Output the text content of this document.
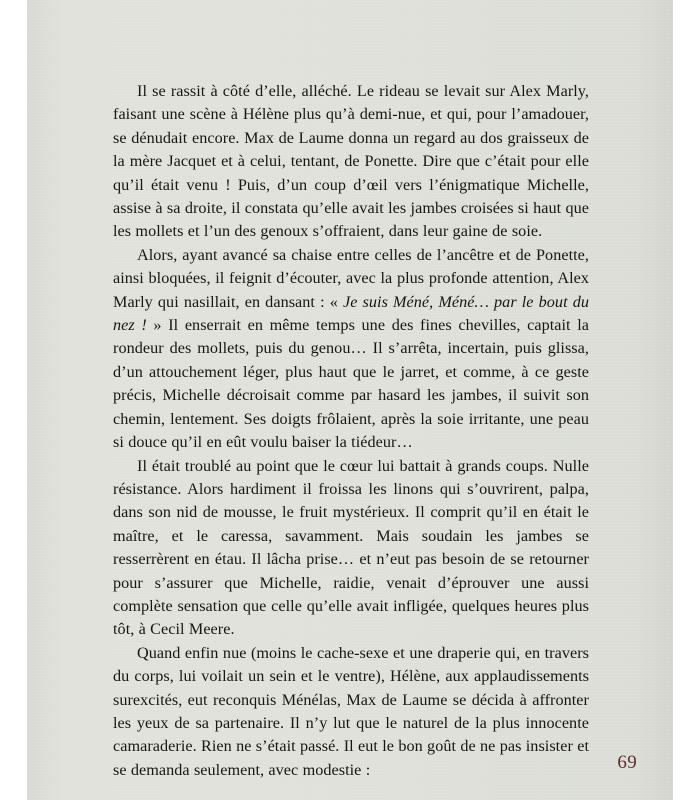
Il se rassit à côté d’elle, alléché. Le rideau se levait sur Alex Marly, faisant une scène à Hélène plus qu’à demi-nue, et qui, pour l’amadouer, se dénudait encore. Max de Laume donna un regard au dos graisseux de la mère Jacquet et à celui, tentant, de Ponette. Dire que c’était pour elle qu’il était venu ! Puis, d’un coup d’œil vers l’énigmatique Michelle, assise à sa droite, il constata qu’elle avait les jambes croisées si haut que les mollets et l’un des genoux s’offraient, dans leur gaine de soie.

Alors, ayant avancé sa chaise entre celles de l’ancêtre et de Ponette, ainsi bloquées, il feignit d’écouter, avec la plus profonde attention, Alex Marly qui nasillait, en dansant : « Je suis Méné, Méné… par le bout du nez ! » Il enserrait en même temps une des fines chevilles, captait la rondeur des mollets, puis du genou… Il s’arrêta, incertain, puis glissa, d’un attouchement léger, plus haut que le jarret, et comme, à ce geste précis, Michelle décroisait comme par hasard les jambes, il suivit son chemin, lentement. Ses doigts frôlaient, après la soie irritante, une peau si douce qu’il en eût voulu baiser la tiédeur…

Il était troublé au point que le cœur lui battait à grands coups. Nulle résistance. Alors hardiment il froissa les linons qui s’ouvrirent, palpa, dans son nid de mousse, le fruit mystérieux. Il comprit qu’il en était le maître, et le caressa, savamment. Mais soudain les jambes se resserrèrent en étau. Il lâcha prise… et n’eut pas besoin de se retourner pour s’assurer que Michelle, raidie, venait d’éprouver une aussi complète sensation que celle qu’elle avait infligée, quelques heures plus tôt, à Cecil Meere.

Quand enfin nue (moins le cache-sexe et une draperie qui, en travers du corps, lui voilait un sein et le ventre), Hélène, aux applaudissements surexcités, eut reconquis Ménélas, Max de Laume se décida à affronter les yeux de sa partenaire. Il n’y lut que le naturel de la plus innocente camaraderie. Rien ne s’était passé. Il eut le bon goût de ne pas insister et se demanda seulement, avec modestie :	69
